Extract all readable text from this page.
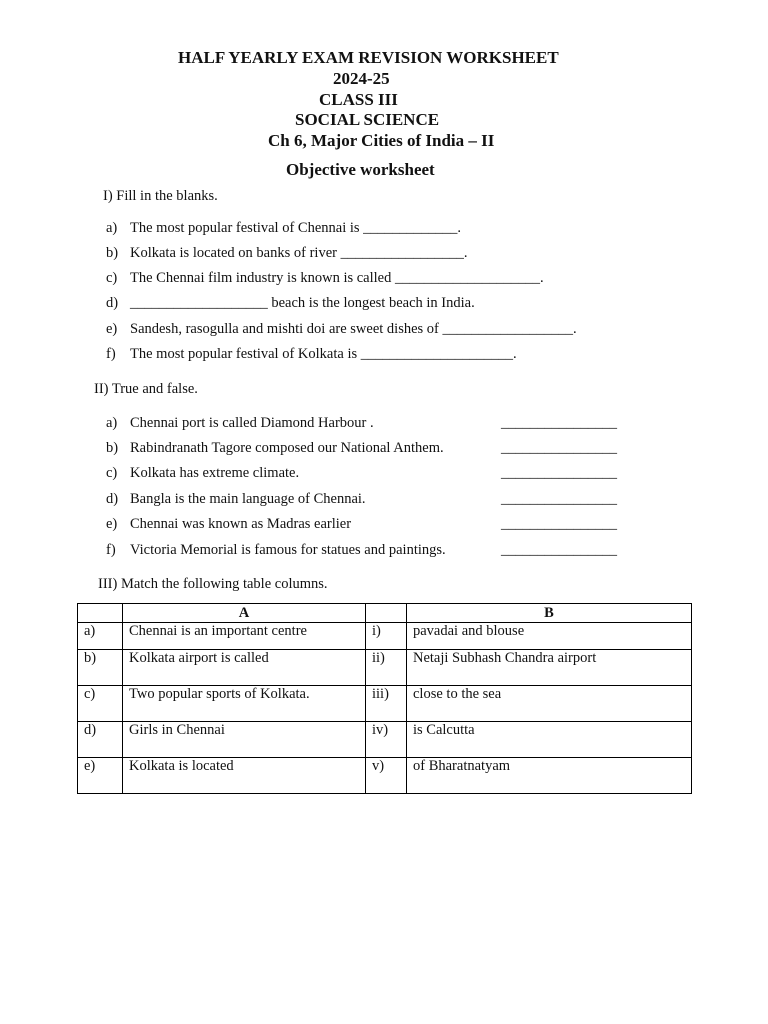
HALF YEARLY EXAM REVISION WORKSHEET
2024-25
CLASS III
SOCIAL SCIENCE
Ch 6, Major Cities of India – II
Objective worksheet
I) Fill in the blanks.
a) The most popular festival of Chennai is _____________.
b) Kolkata is located on banks of river _________________.
c) The Chennai film industry is known is called ____________________.
d) ___________________ beach is the longest beach in India.
e) Sandesh, rasogulla and mishti doi are sweet dishes of __________________.
f) The most popular festival of Kolkata is _____________________.
II) True and false.
a) Chennai port is called Diamond Harbour .	________________
b) Rabindranath Tagore composed our National Anthem.	________________
c) Kolkata has extreme climate.	________________
d) Bangla is the main language of Chennai.	________________
e) Chennai was known as Madras earlier	________________
f) Victoria Memorial is famous for statues and paintings.	________________
III) Match the following table columns.
	A		B
a)	Chennai is an important centre	i)	pavadai and blouse
b)	Kolkata airport is called	ii)	Netaji Subhash Chandra airport
c)	Two popular sports of Kolkata.	iii)	close to the sea
d)	Girls in Chennai	iv)	is Calcutta
e)	Kolkata is located	v)	of Bharatnatyam
